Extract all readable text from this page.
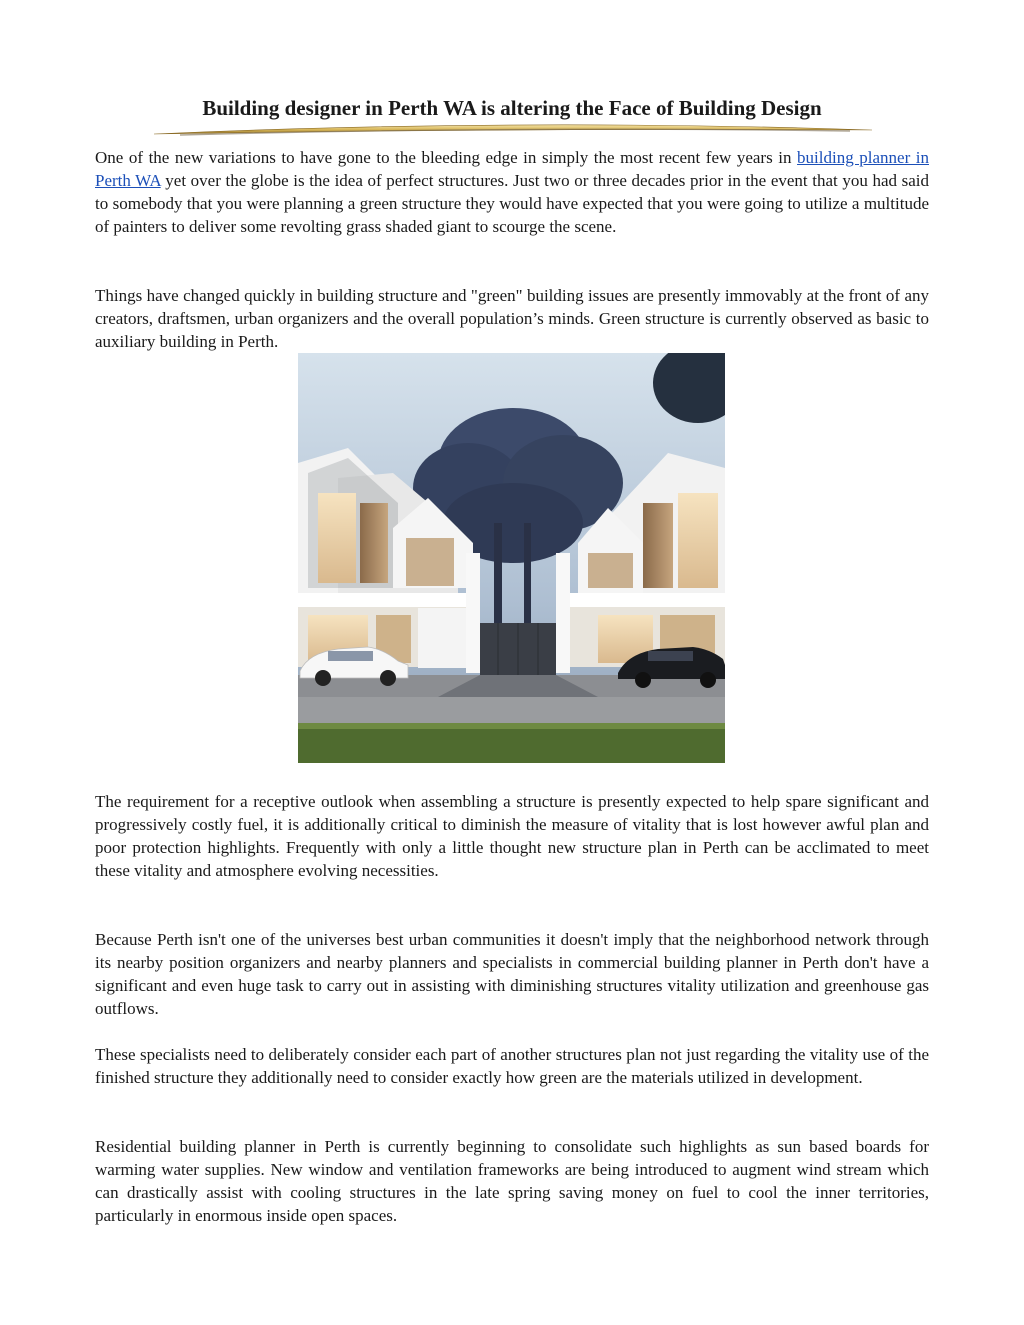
Building designer in Perth WA is altering the Face of Building Design

One of the new variations to have gone to the bleeding edge in simply the most recent few years in building planner in Perth WA yet over the globe is the idea of perfect structures. Just two or three decades prior in the event that you had said to somebody that you were planning a green structure they would have expected that you were going to utilize a multitude of painters to deliver some revolting grass shaded giant to scourge the scene.

Things have changed quickly in building structure and "green" building issues are presently immovably at the front of any creators, draftsmen, urban organizers and the overall population’s minds. Green structure is currently observed as basic to auxiliary building in Perth.

The requirement for a receptive outlook when assembling a structure is presently expected to help spare significant and progressively costly fuel, it is additionally critical to diminish the measure of vitality that is lost however awful plan and poor protection highlights. Frequently with only a little thought new structure plan in Perth can be acclimated to meet these vitality and atmosphere evolving necessities.

Because Perth isn't one of the universes best urban communities it doesn't imply that the neighborhood network through its nearby position organizers and nearby planners and specialists in commercial building planner in Perth don't have a significant and even huge task to carry out in assisting with diminishing structures vitality utilization and greenhouse gas outflows.

These specialists need to deliberately consider each part of another structures plan not just regarding the vitality use of the finished structure they additionally need to consider exactly how green are the materials utilized in development.

Residential building planner in Perth is currently beginning to consolidate such highlights as sun based boards for warming water supplies. New window and ventilation frameworks are being introduced to augment wind stream which can drastically assist with cooling structures in the late spring saving money on fuel to cool the inner territories, particularly in enormous inside open spaces.
